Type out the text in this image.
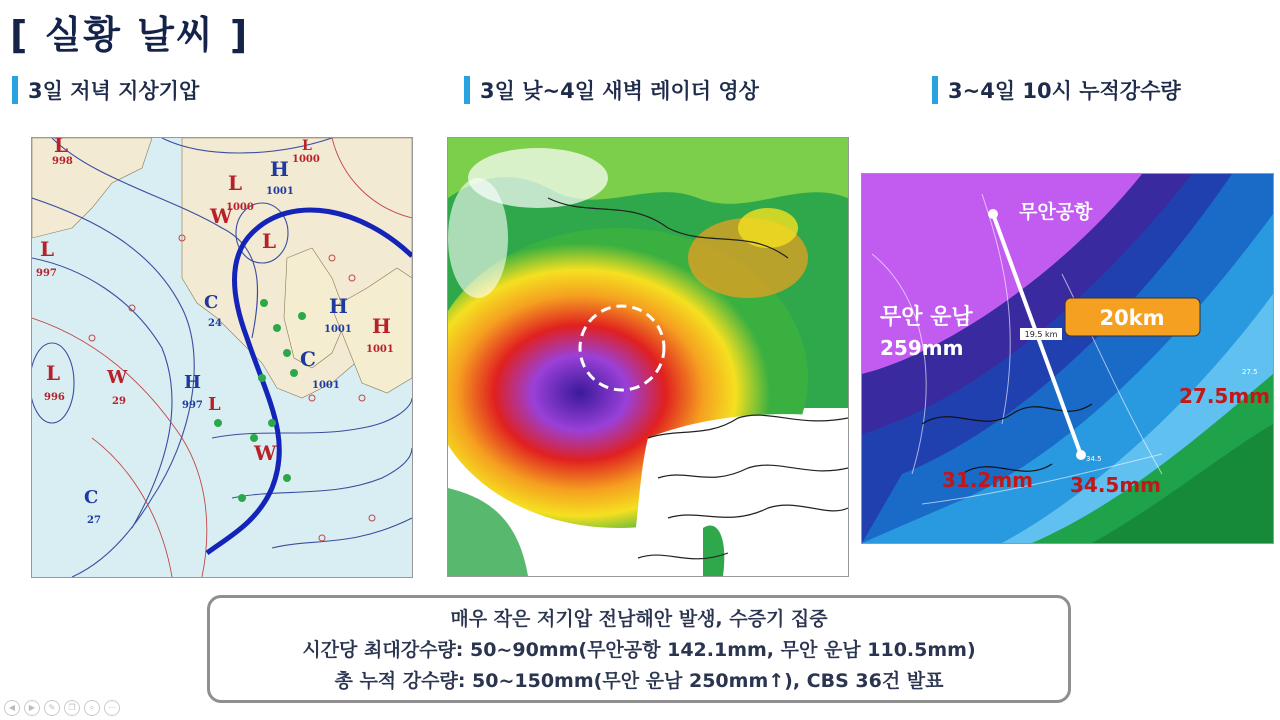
[ 실황 날씨 ]
3일 저녁 지상기압	3일 낮~4일 새벽 레이더 영상	3~4일 10시 누적강수량
L
998
L
997
L
996
L
1000
L
W
W
29
W
L
H
1001
H
1001
H
997
H
1001
C
24
C
27
C
1001
1000
L
20km
19.5 km
무안공항
무안 운남
259mm
27.5mm
31.2mm 34.5mm
34.5
27.5
매우 작은 저기압 전남해안 발생, 수증기 집중
시간당 최대강수량: 50~90mm(무안공항 142.1mm, 무안 운남 110.5mm)
총 누적 강수량: 50~150mm(무안 운남 250mm↑), CBS 36건 발표
◀	▶	✎	❐	⌕	⋯
